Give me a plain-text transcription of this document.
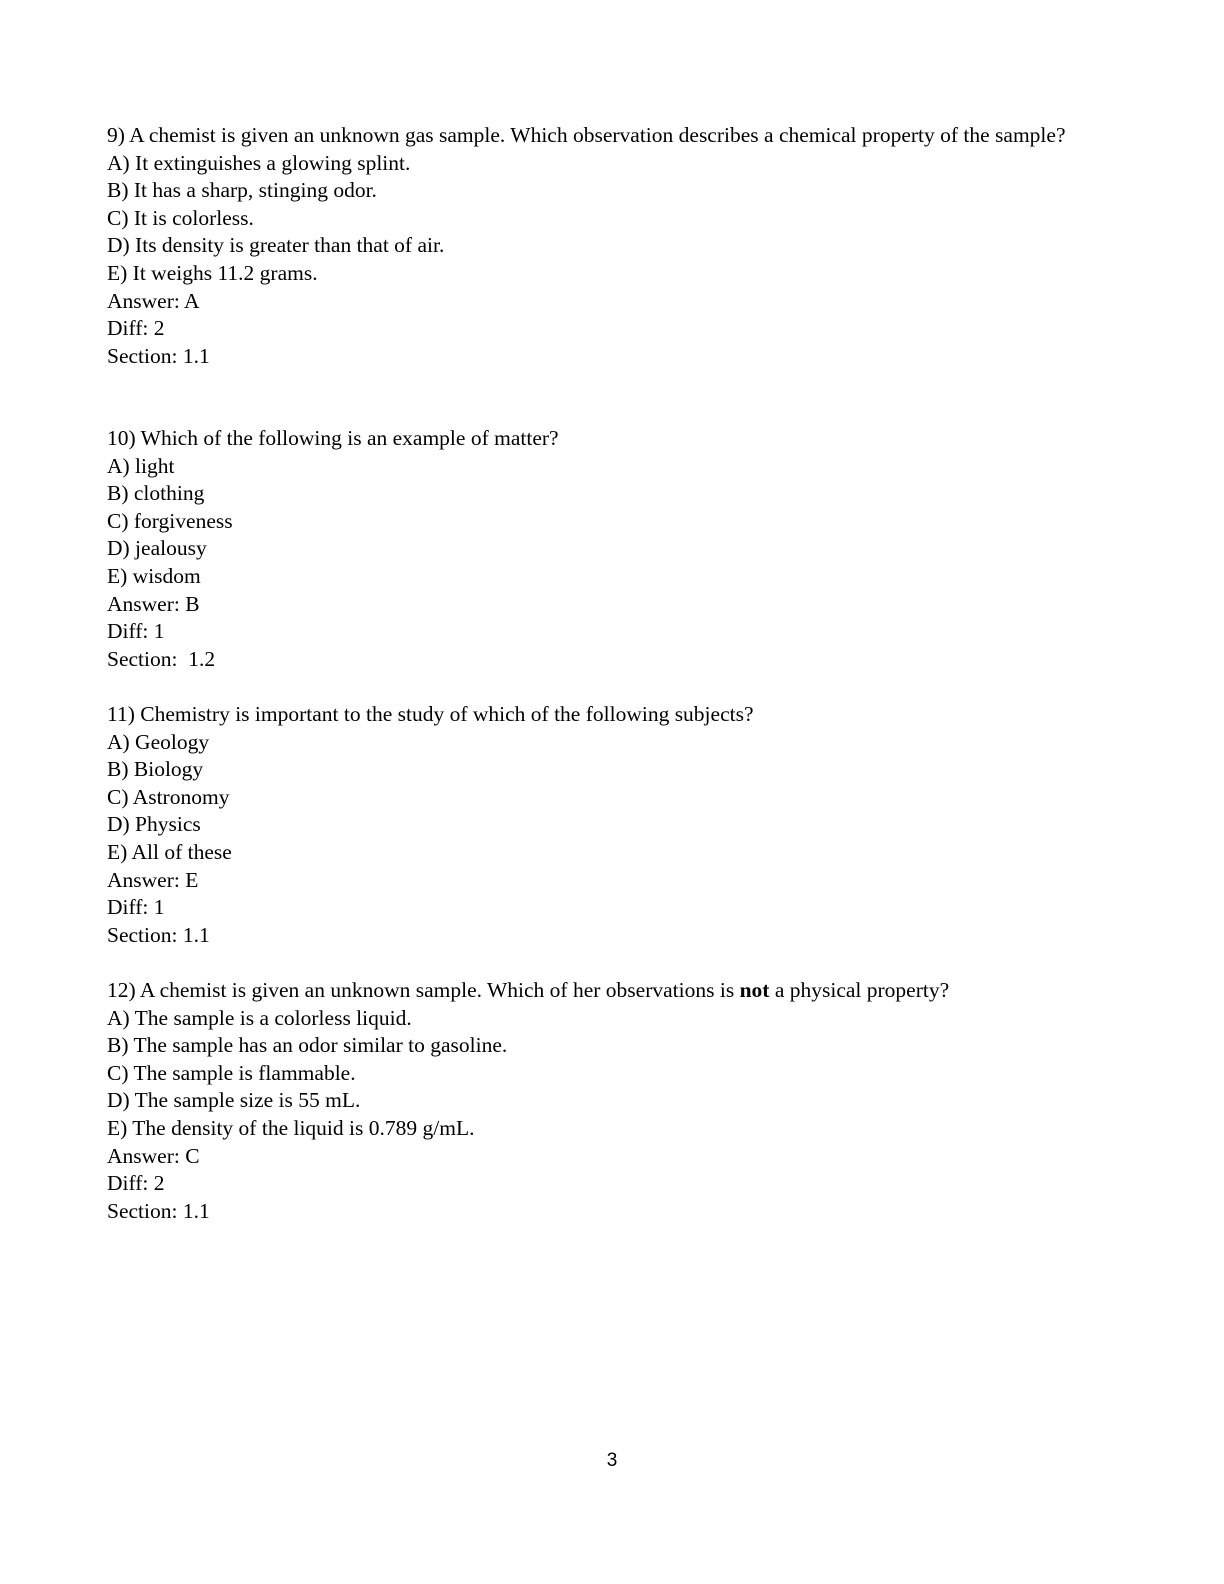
9) A chemist is given an unknown gas sample. Which observation describes a chemical property of the sample?
A) It extinguishes a glowing splint.
B) It has a sharp, stinging odor.
C) It is colorless.
D) Its density is greater than that of air.
E) It weighs 11.2 grams.
Answer: A
Diff: 2
Section: 1.1
10) Which of the following is an example of matter?
A) light
B) clothing
C) forgiveness
D) jealousy
E) wisdom
Answer: B
Diff: 1
Section:  1.2
11) Chemistry is important to the study of which of the following subjects?
A) Geology
B) Biology
C) Astronomy
D) Physics
E) All of these
Answer: E
Diff: 1
Section: 1.1
12) A chemist is given an unknown sample. Which of her observations is not a physical property?
A) The sample is a colorless liquid.
B) The sample has an odor similar to gasoline.
C) The sample is flammable.
D) The sample size is 55 mL.
E) The density of the liquid is 0.789 g/mL.
Answer: C
Diff: 2
Section: 1.1
3
